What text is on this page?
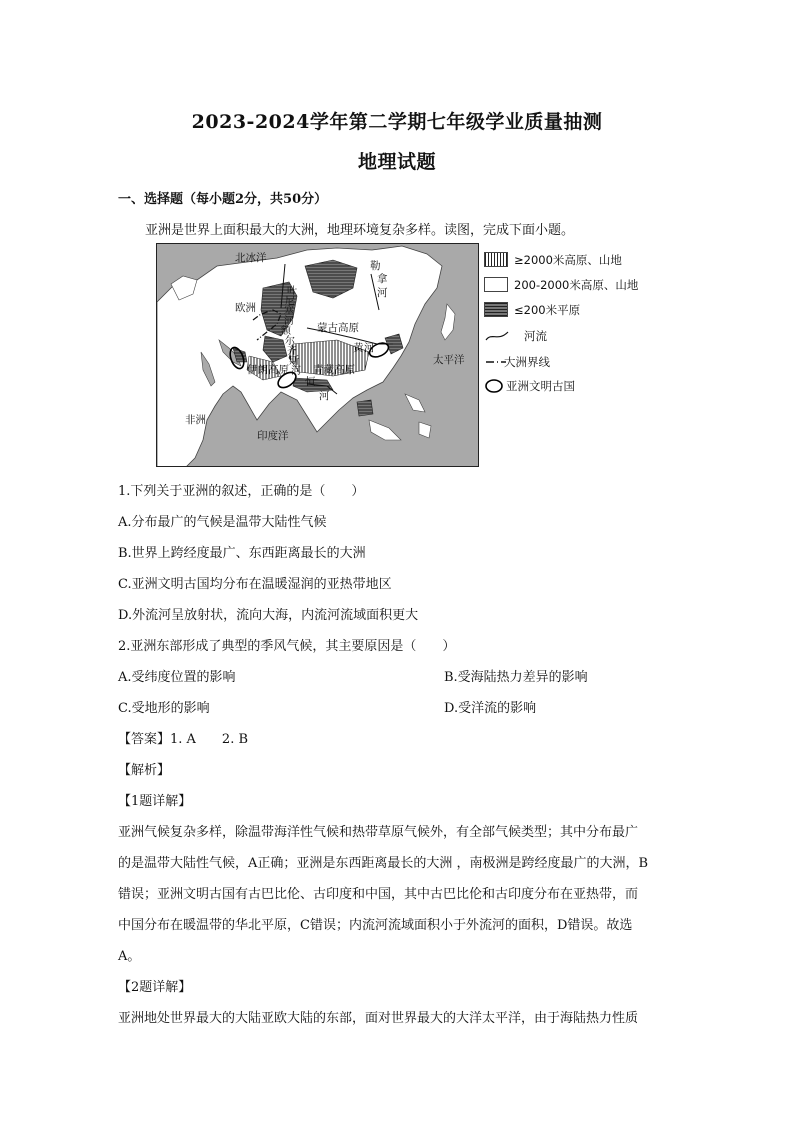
2023-2024学年第二学期七年级学业质量抽测
地理试题
一、选择题（每小题2分，共50分）
亚洲是世界上面积最大的大洲，地理环境复杂多样。读图，完成下面小题。
北冰洋
欧洲
勒
拿
河
叶
尼
塞
河
蒙古高原
额
尔
齐
斯
河
黄 河
伊朗高原 青藏高原
恒
河
太平洋
非洲
印度洋
≥2000米高原、山地
200-2000米高原、山地
≤200米平原
河流
大洲界线
亚洲文明古国
1.下列关于亚洲的叙述，正确的是（　　）
A.分布最广的气候是温带大陆性气候
B.世界上跨经度最广、东西距离最长的大洲
C.亚洲文明古国均分布在温暖湿润的亚热带地区
D.外流河呈放射状，流向大海，内流河流域面积更大
2.亚洲东部形成了典型的季风气候，其主要原因是（　　）
A.受纬度位置的影响	B.受海陆热力差异的影响
C.受地形的影响	D.受洋流的影响
【答案】1. A　　2. B
【解析】
【1题详解】
亚洲气候复杂多样，除温带海洋性气候和热带草原气候外，有全部气候类型；其中分布最广
的是温带大陆性气候，A正确；亚洲是东西距离最长的大洲 ，南极洲是跨经度最广的大洲，B
错误；亚洲文明古国有古巴比伦、古印度和中国，其中古巴比伦和古印度分布在亚热带，而
中国分布在暖温带的华北平原，C错误；内流河流域面积小于外流河的面积，D错误。故选
A。
【2题详解】
亚洲地处世界最大的大陆亚欧大陆的东部，面对世界最大的大洋太平洋，由于海陆热力性质
